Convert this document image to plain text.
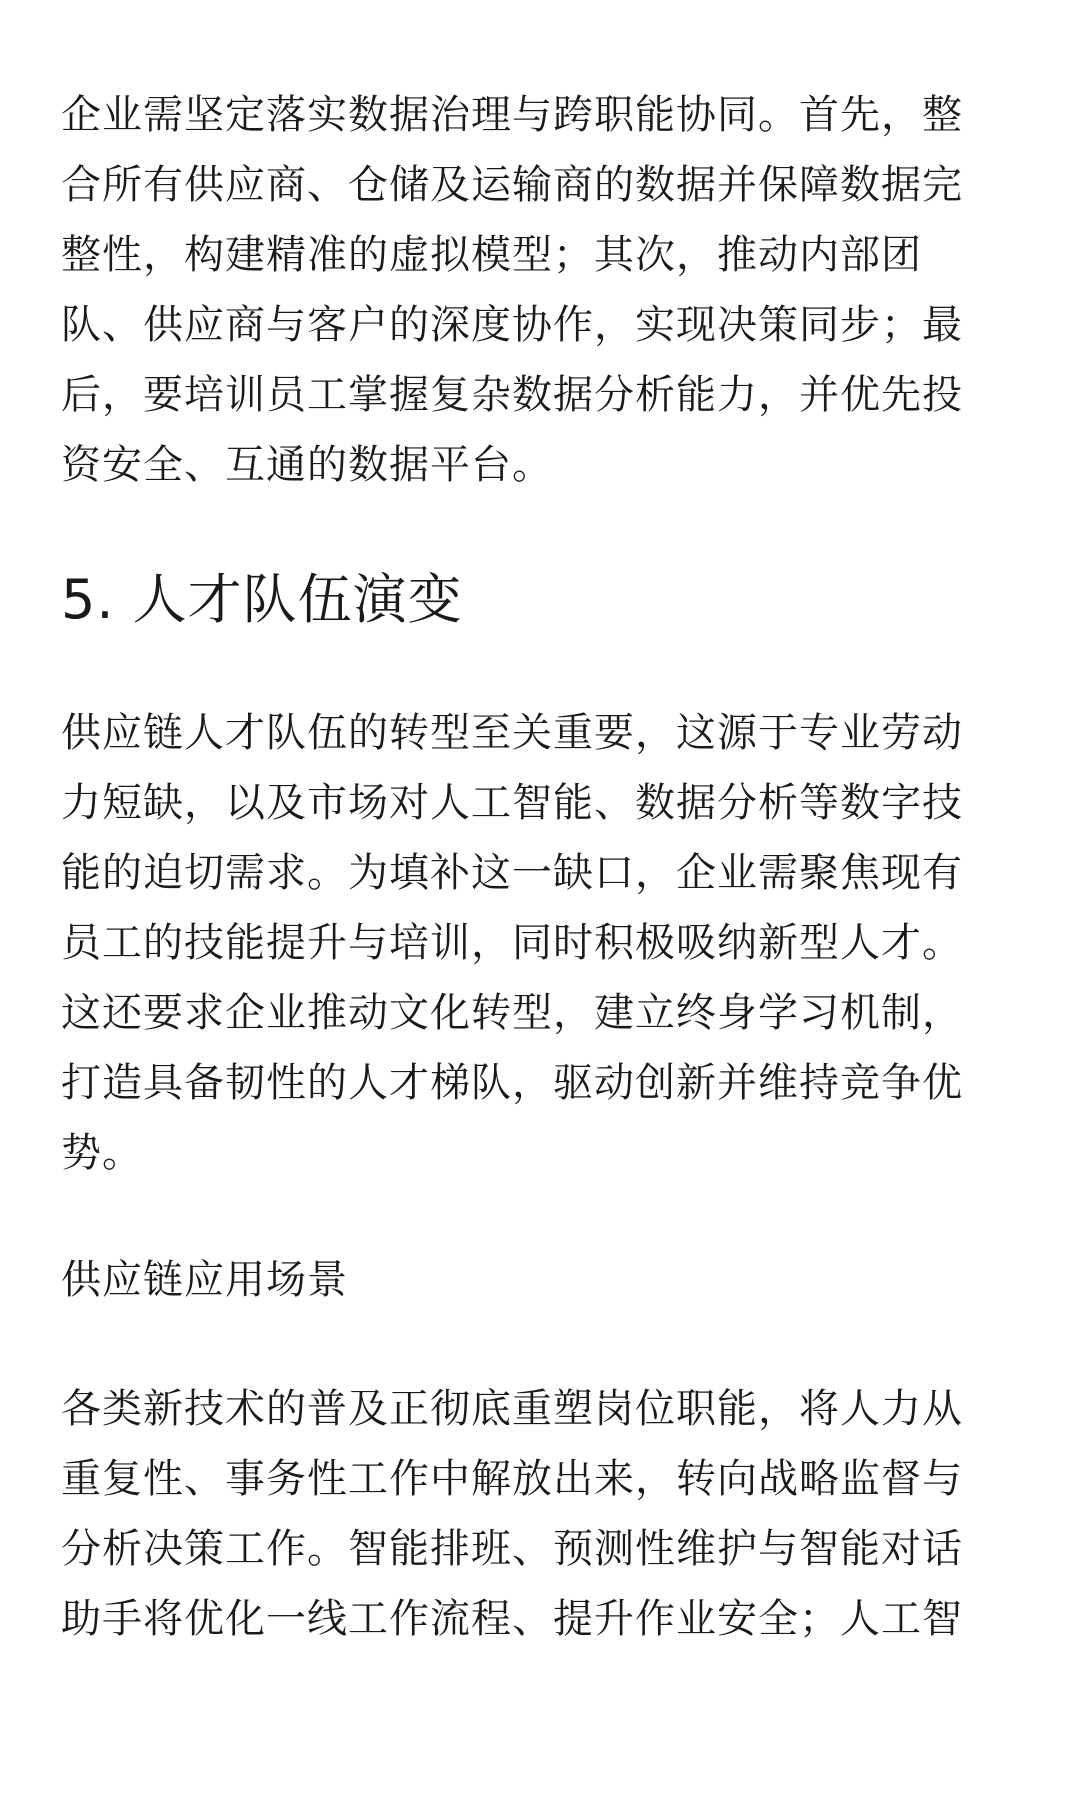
企业需坚定落实数据治理与跨职能协同。首先，整
合所有供应商、仓储及运输商的数据并保障数据完
整性，构建精准的虚拟模型；其次，推动内部团
队、供应商与客户的深度协作，实现决策同步；最
后，要培训员工掌握复杂数据分析能力，并优先投
资安全、互通的数据平台。

5. 人才队伍演变

供应链人才队伍的转型至关重要，这源于专业劳动
力短缺，以及市场对人工智能、数据分析等数字技
能的迫切需求。为填补这一缺口，企业需聚焦现有
员工的技能提升与培训，同时积极吸纳新型人才。
这还要求企业推动文化转型，建立终身学习机制，
打造具备韧性的人才梯队，驱动创新并维持竞争优
势。

供应链应用场景

各类新技术的普及正彻底重塑岗位职能，将人力从
重复性、事务性工作中解放出来，转向战略监督与
分析决策工作。智能排班、预测性维护与智能对话
助手将优化一线工作流程、提升作业安全；人工智
